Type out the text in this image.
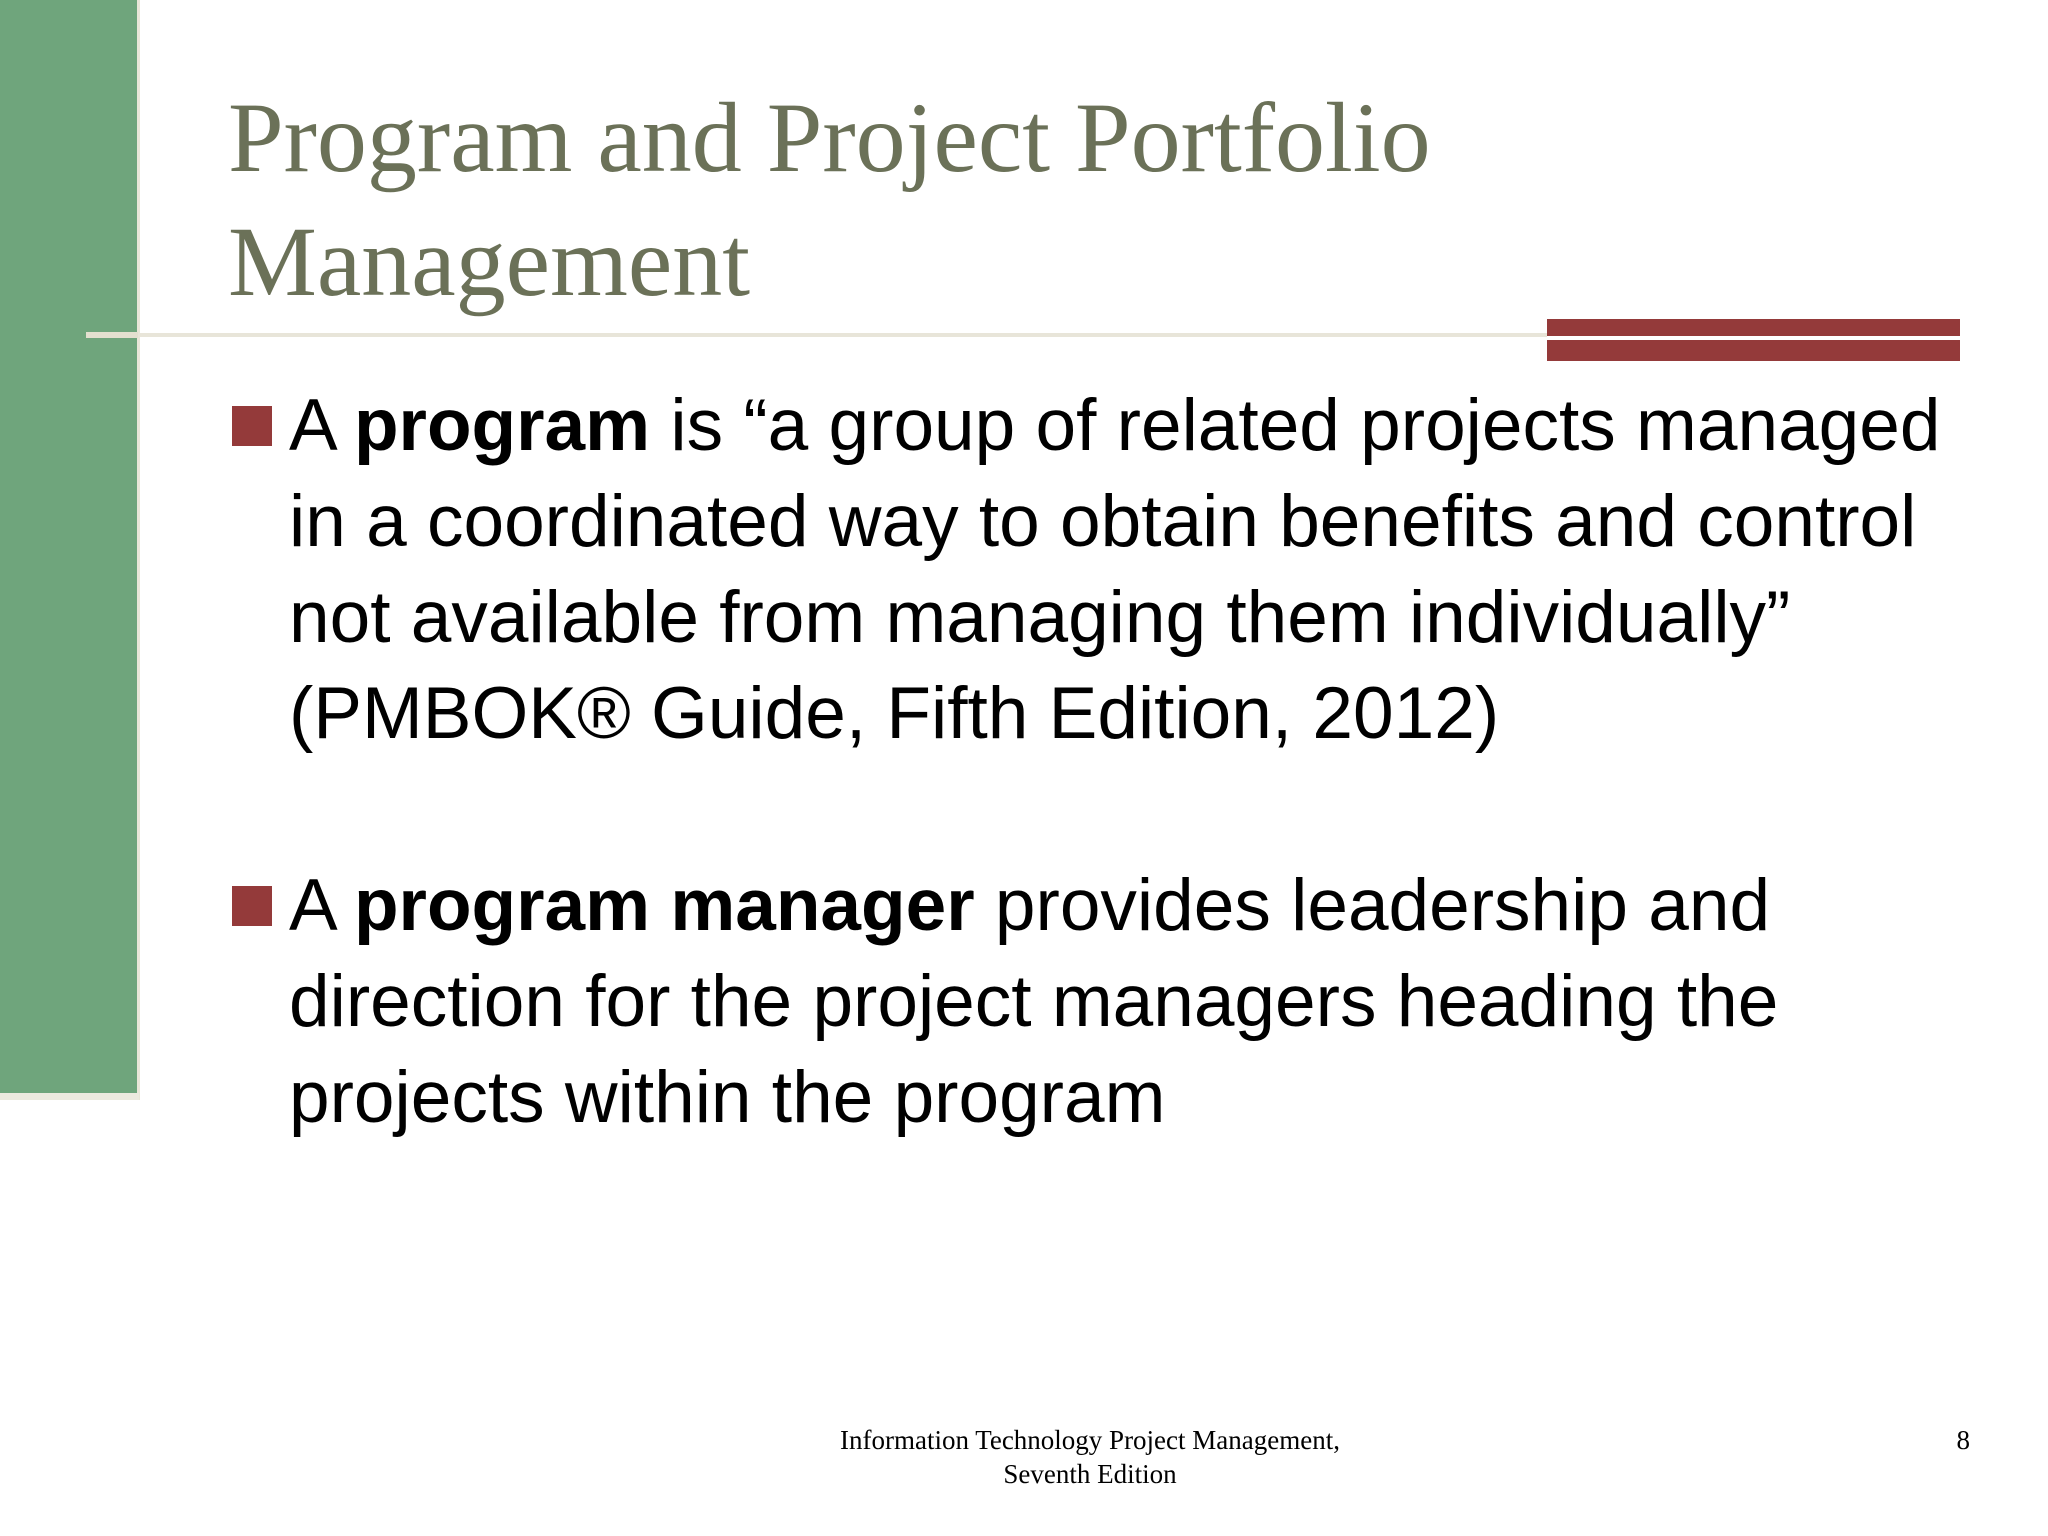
Program and Project Portfolio Management
A program is “a group of related projects managed in a coordinated way to obtain benefits and control not available from managing them individually” (PMBOK® Guide, Fifth Edition, 2012)
A program manager provides leadership and direction for the project managers heading the projects within the program
Information Technology Project Management,
Seventh Edition
8
